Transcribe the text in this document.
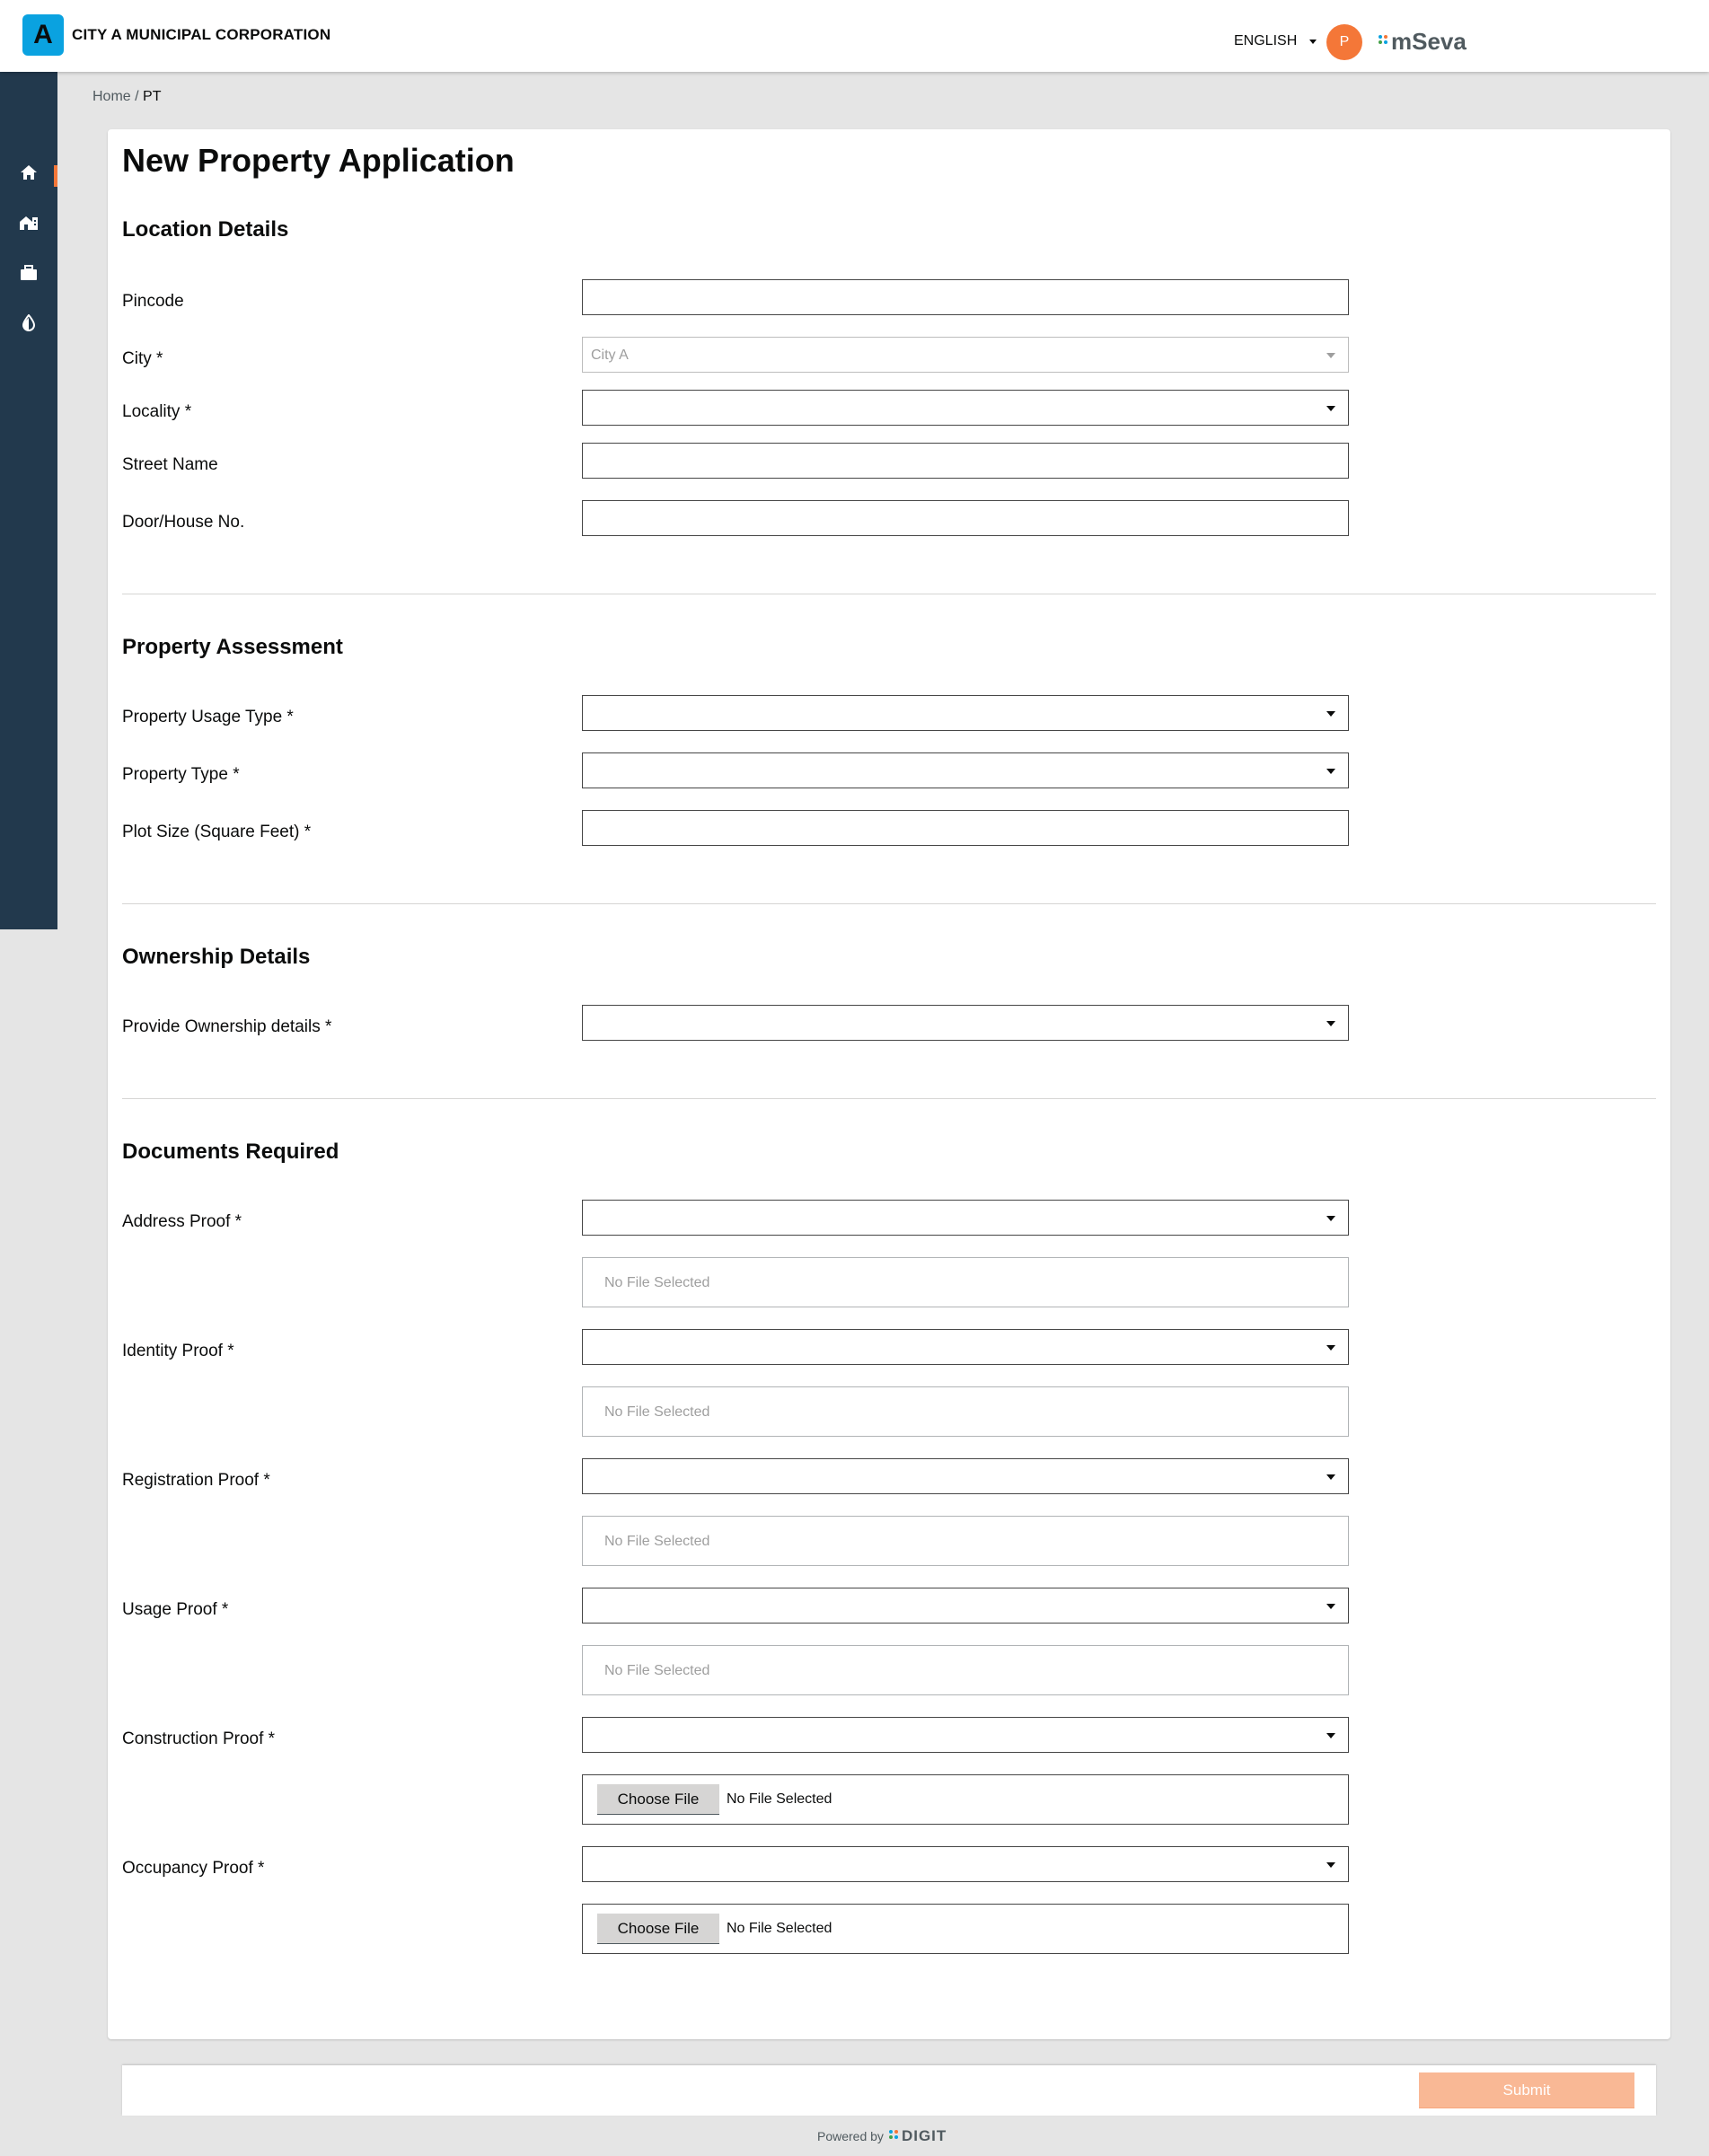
A	CITY A MUNICIPAL CORPORATION	ENGLISH	P	mSeva
Home / PT
New Property Application
Location Details
Pincode
City *	City A
Locality *
Street Name
Door/House No.
Property Assessment
Property Usage Type *
Property Type *
Plot Size (Square Feet) *
Ownership Details
Provide Ownership details *
Documents Required
Address Proof *
No File Selected
Identity Proof *
No File Selected
Registration Proof *
No File Selected
Usage Proof *
No File Selected
Construction Proof *
Choose File	No File Selected
Occupancy Proof *
Choose File	No File Selected
Submit
Powered by DIGIT
